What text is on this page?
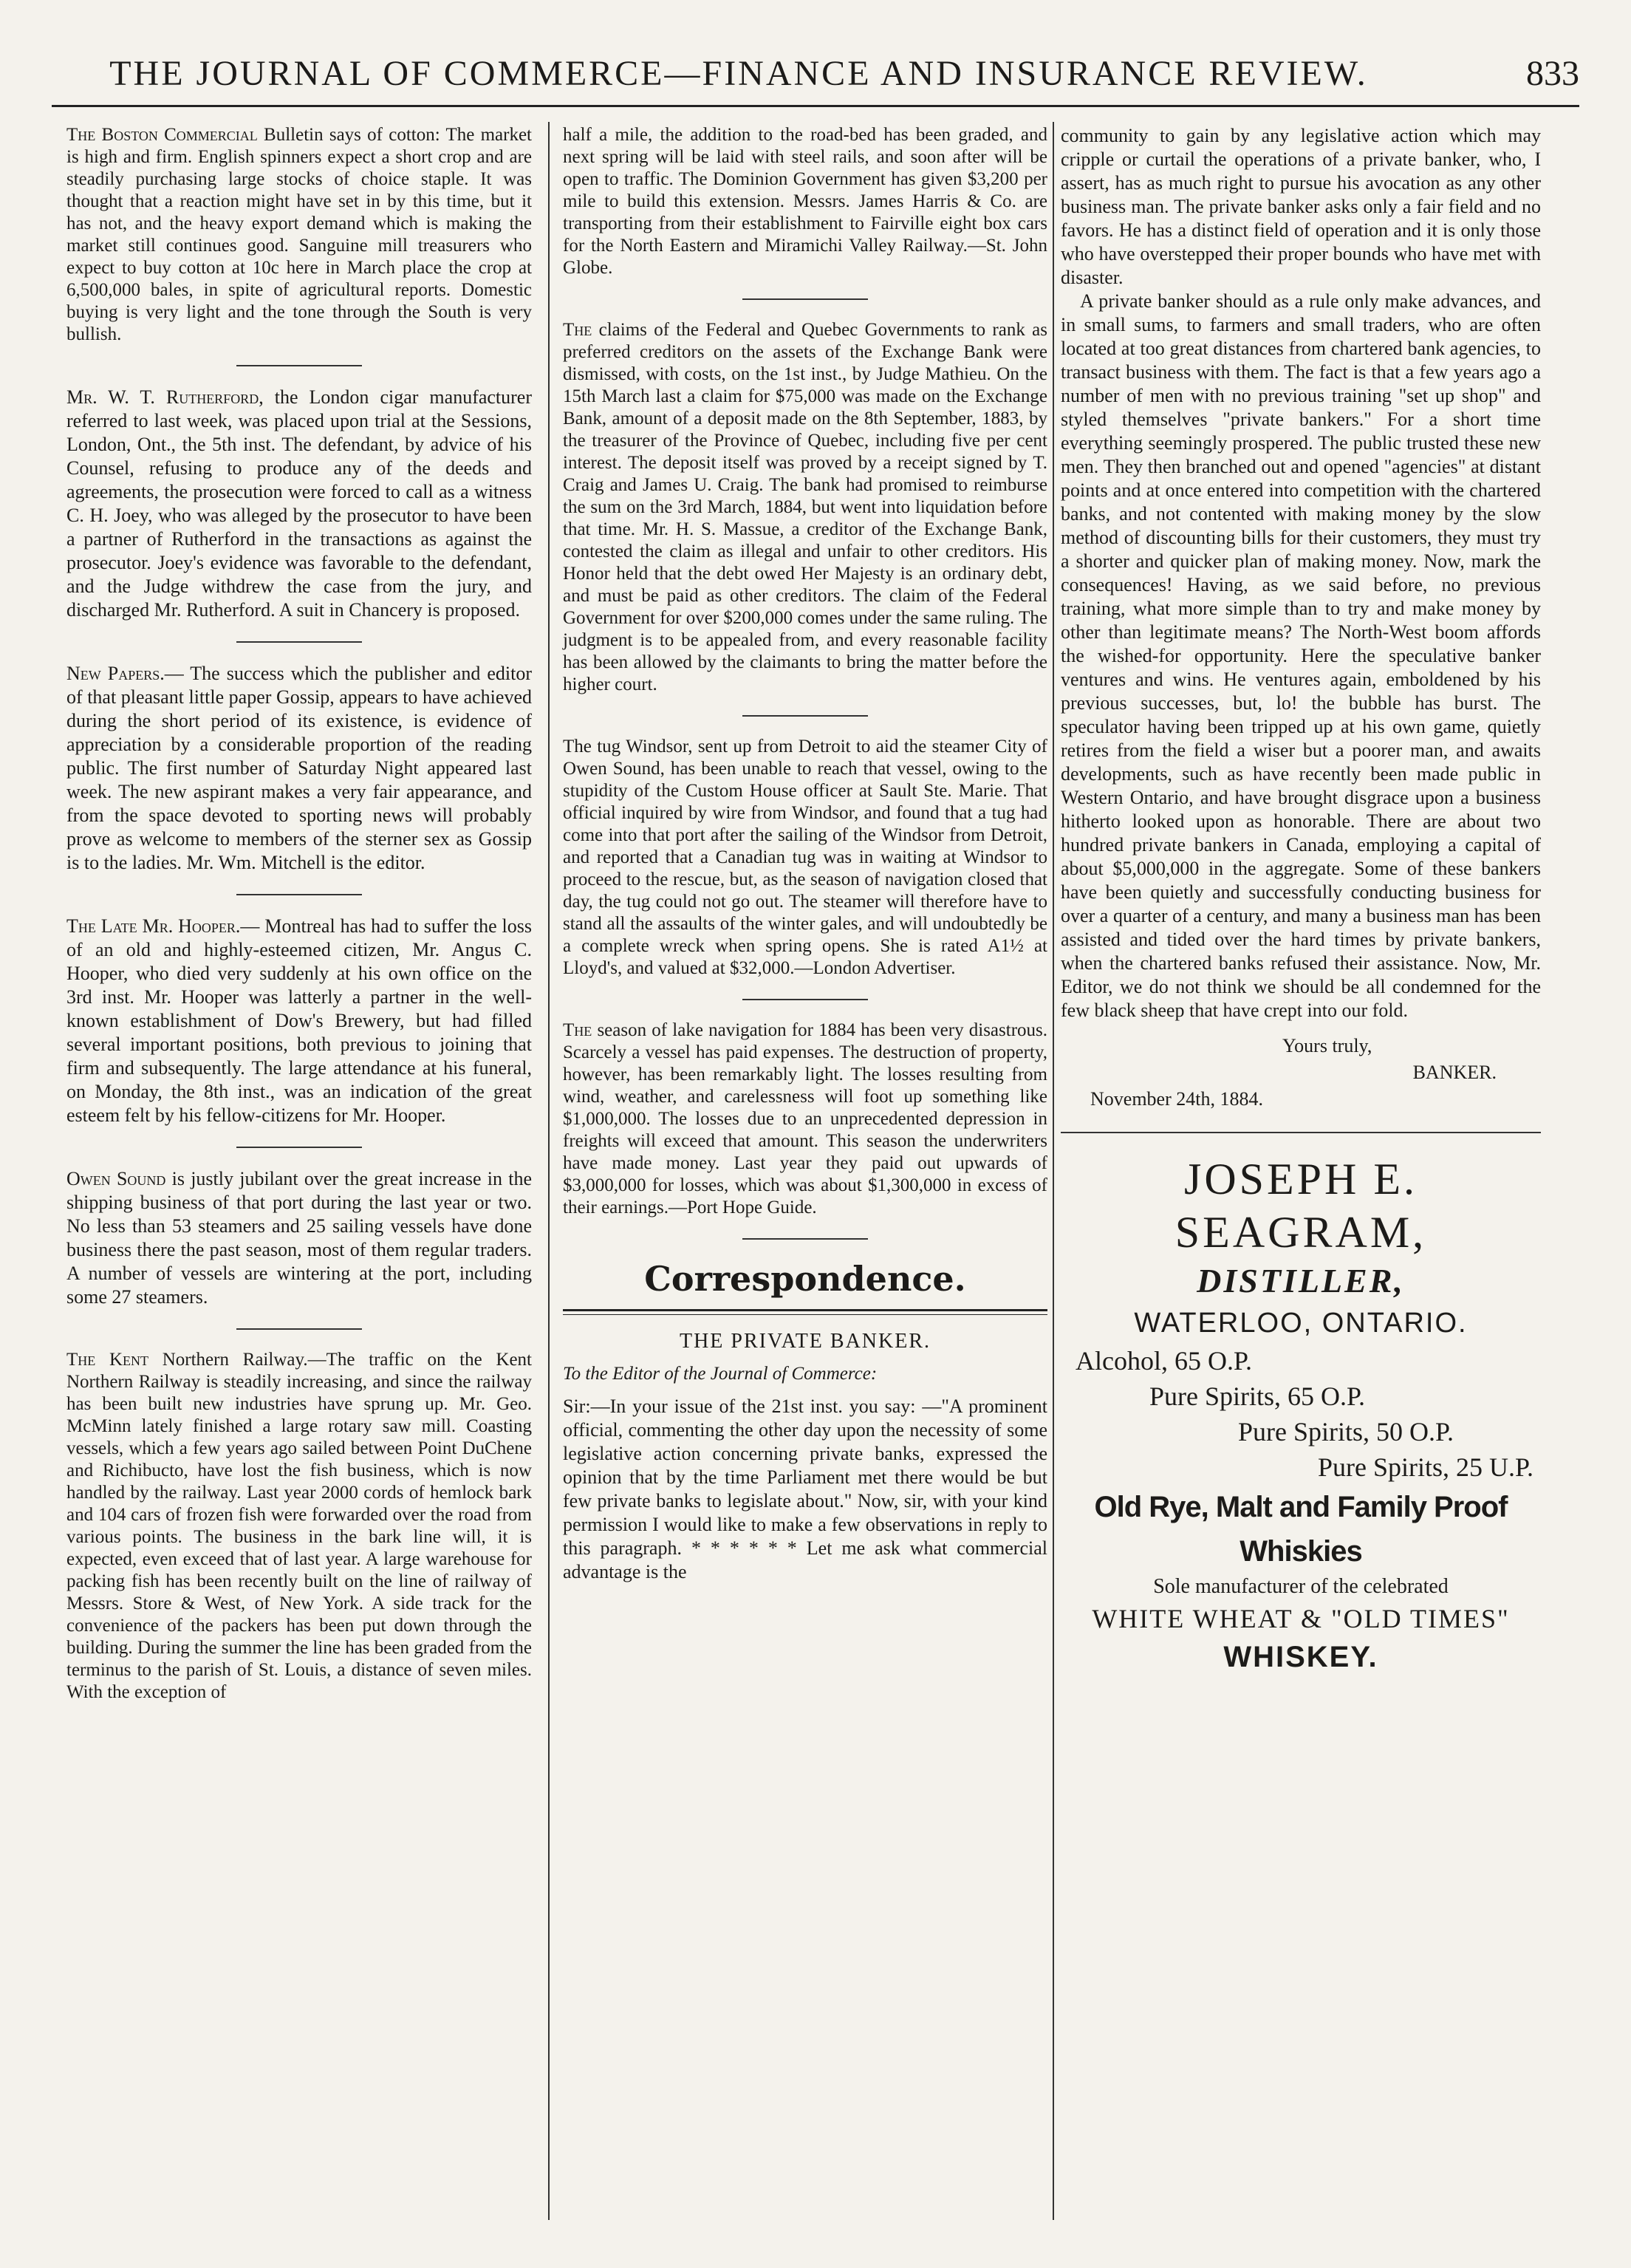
THE JOURNAL OF COMMERCE—FINANCE AND INSURANCE REVIEW.	833

The Boston Commercial Bulletin says of cotton: The market is high and firm. English spinners expect a short crop and are steadily purchasing large stocks of choice staple. It was thought that a reaction might have set in by this time, but it has not, and the heavy export demand which is making the market still continues good. Sanguine mill treasurers who expect to buy cotton at 10c here in March place the crop at 6,500,000 bales, in spite of agricultural reports. Domestic buying is very light and the tone through the South is very bullish.

Mr. W. T. Rutherford, the London cigar manufacturer referred to last week, was placed upon trial at the Sessions, London, Ont., the 5th inst. The defendant, by advice of his Counsel, refusing to produce any of the deeds and agreements, the prosecution were forced to call as a witness C. H. Joey, who was alleged by the prosecutor to have been a partner of Rutherford in the transactions as against the prosecutor. Joey's evidence was favorable to the defendant, and the Judge withdrew the case from the jury, and discharged Mr. Rutherford. A suit in Chancery is proposed.

New Papers.— The success which the publisher and editor of that pleasant little paper Gossip, appears to have achieved during the short period of its existence, is evidence of appreciation by a considerable proportion of the reading public. The first number of Saturday Night appeared last week. The new aspirant makes a very fair appearance, and from the space devoted to sporting news will probably prove as welcome to members of the sterner sex as Gossip is to the ladies. Mr. Wm. Mitchell is the editor.

The Late Mr. Hooper.— Montreal has had to suffer the loss of an old and highly-esteemed citizen, Mr. Angus C. Hooper, who died very suddenly at his own office on the 3rd inst. Mr. Hooper was latterly a partner in the well-known establishment of Dow's Brewery, but had filled several important positions, both previous to joining that firm and subsequently. The large attendance at his funeral, on Monday, the 8th inst., was an indication of the great esteem felt by his fellow-citizens for Mr. Hooper.

Owen Sound is justly jubilant over the great increase in the shipping business of that port during the last year or two. No less than 53 steamers and 25 sailing vessels have done business there the past season, most of them regular traders. A number of vessels are wintering at the port, including some 27 steamers.

The Kent Northern Railway.—The traffic on the Kent Northern Railway is steadily increasing, and since the railway has been built new industries have sprung up. Mr. Geo. McMinn lately finished a large rotary saw mill. Coasting vessels, which a few years ago sailed between Point DuChene and Richibucto, have lost the fish business, which is now handled by the railway. Last year 2000 cords of hemlock bark and 104 cars of frozen fish were forwarded over the road from various points. The business in the bark line will, it is expected, even exceed that of last year. A large warehouse for packing fish has been recently built on the line of railway of Messrs. Store & West, of New York. A side track for the convenience of the packers has been put down through the building. During the summer the line has been graded from the terminus to the parish of St. Louis, a distance of seven miles. With the exception of

half a mile, the addition to the road-bed has been graded, and next spring will be laid with steel rails, and soon after will be open to traffic. The Dominion Government has given $3,200 per mile to build this extension. Messrs. James Harris & Co. are transporting from their establishment to Fairville eight box cars for the North Eastern and Miramichi Valley Railway.—St. John Globe.

The claims of the Federal and Quebec Governments to rank as preferred creditors on the assets of the Exchange Bank were dismissed, with costs, on the 1st inst., by Judge Mathieu. On the 15th March last a claim for $75,000 was made on the Exchange Bank, amount of a deposit made on the 8th September, 1883, by the treasurer of the Province of Quebec, including five per cent interest. The deposit itself was proved by a receipt signed by T. Craig and James U. Craig. The bank had promised to reimburse the sum on the 3rd March, 1884, but went into liquidation before that time. Mr. H. S. Massue, a creditor of the Exchange Bank, contested the claim as illegal and unfair to other creditors. His Honor held that the debt owed Her Majesty is an ordinary debt, and must be paid as other creditors. The claim of the Federal Government for over $200,000 comes under the same ruling. The judgment is to be appealed from, and every reasonable facility has been allowed by the claimants to bring the matter before the higher court.

The tug Windsor, sent up from Detroit to aid the steamer City of Owen Sound, has been unable to reach that vessel, owing to the stupidity of the Custom House officer at Sault Ste. Marie. That official inquired by wire from Windsor, and found that a tug had come into that port after the sailing of the Windsor from Detroit, and reported that a Canadian tug was in waiting at Windsor to proceed to the rescue, but, as the season of navigation closed that day, the tug could not go out. The steamer will therefore have to stand all the assaults of the winter gales, and will undoubtedly be a complete wreck when spring opens. She is rated A1½ at Lloyd's, and valued at $32,000.—London Advertiser.

The season of lake navigation for 1884 has been very disastrous. Scarcely a vessel has paid expenses. The destruction of property, however, has been remarkably light. The losses resulting from wind, weather, and carelessness will foot up something like $1,000,000. The losses due to an unprecedented depression in freights will exceed that amount. This season the underwriters have made money. Last year they paid out upwards of $3,000,000 for losses, which was about $1,300,000 in excess of their earnings.—Port Hope Guide.

Correspondence.
THE PRIVATE BANKER.
To the Editor of the Journal of Commerce:

Sir:—In your issue of the 21st inst. you say: —"A prominent official, commenting the other day upon the necessity of some legislative action concerning private banks, expressed the opinion that by the time Parliament met there would be but few private banks to legislate about." Now, sir, with your kind permission I would like to make a few observations in reply to this paragraph. * * * * * * Let me ask what commercial advantage is the

community to gain by any legislative action which may cripple or curtail the operations of a private banker, who, I assert, has as much right to pursue his avocation as any other business man. The private banker asks only a fair field and no favors. He has a distinct field of operation and it is only those who have overstepped their proper bounds who have met with disaster.

A private banker should as a rule only make advances, and in small sums, to farmers and small traders, who are often located at too great distances from chartered bank agencies, to transact business with them. The fact is that a few years ago a number of men with no previous training "set up shop" and styled themselves "private bankers." For a short time everything seemingly prospered. The public trusted these new men. They then branched out and opened "agencies" at distant points and at once entered into competition with the chartered banks, and not contented with making money by the slow method of discounting bills for their customers, they must try a shorter and quicker plan of making money. Now, mark the consequences! Having, as we said before, no previous training, what more simple than to try and make money by other than legitimate means? The North-West boom affords the wished-for opportunity. Here the speculative banker ventures and wins. He ventures again, emboldened by his previous successes, but, lo! the bubble has burst. The speculator having been tripped up at his own game, quietly retires from the field a wiser but a poorer man, and awaits developments, such as have recently been made public in Western Ontario, and have brought disgrace upon a business hitherto looked upon as honorable. There are about two hundred private bankers in Canada, employing a capital of about $5,000,000 in the aggregate. Some of these bankers have been quietly and successfully conducting business for over a quarter of a century, and many a business man has been assisted and tided over the hard times by private bankers, when the chartered banks refused their assistance. Now, Mr. Editor, we do not think we should be all condemned for the few black sheep that have crept into our fold.

Yours truly,
BANKER.
November 24th, 1884.
JOSEPH E. SEAGRAM,
DISTILLER,
WATERLOO, ONTARIO.
Alcohol, 65 O.P.
Pure Spirits, 65 O.P.
Pure Spirits, 50 O.P.
Pure Spirits, 25 U.P.
Old Rye, Malt and Family Proof Whiskies
Sole manufacturer of the celebrated
WHITE WHEAT & "OLD TIMES"
WHISKEY.
